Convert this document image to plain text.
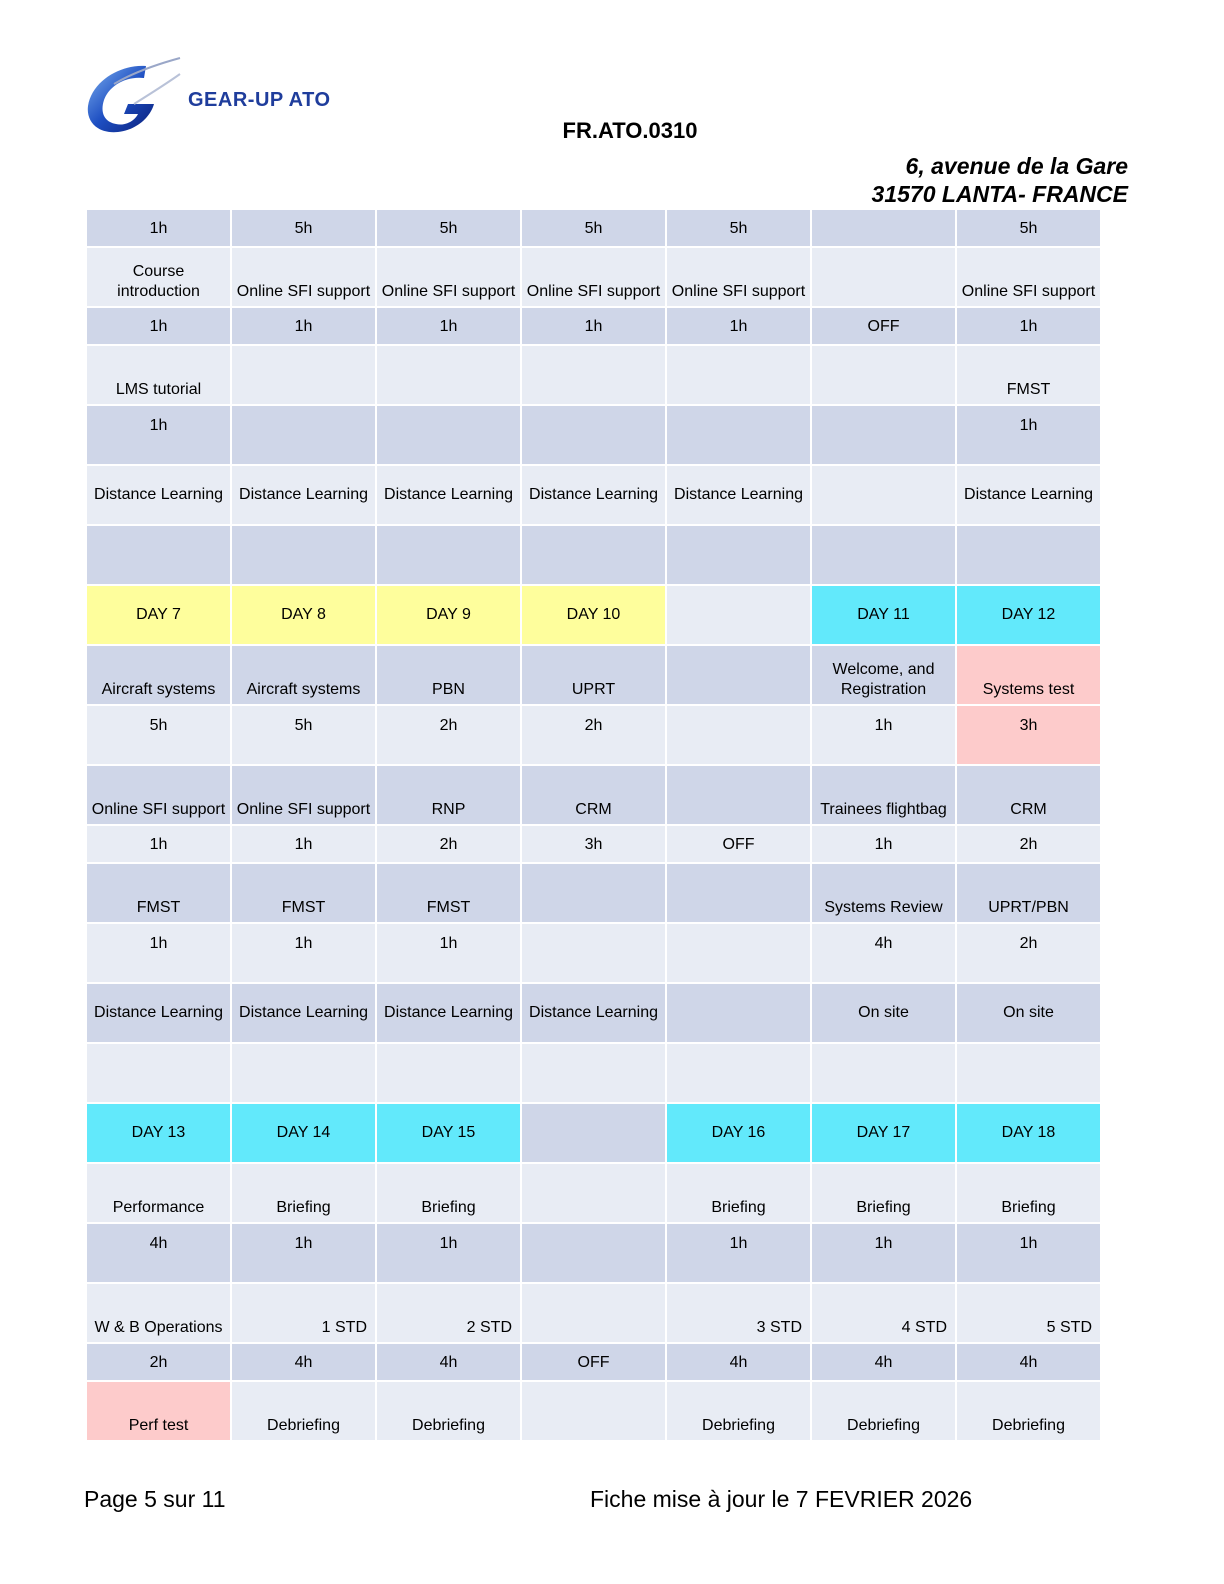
GEAR-UP ATO
FR.ATO.0310
6, avenue de la Gare
31570 LANTA- FRANCE
1h	5h	5h	5h	5h		5h

Course introduction	Online SFI support	Online SFI support	Online SFI support	Online SFI support		Online SFI support

1h	1h	1h	1h	1h	OFF	1h

LMS tutorial						FMST

1h						1h

Distance Learning	Distance Learning	Distance Learning	Distance Learning	Distance Learning		Distance Learning

DAY 7	DAY 8	DAY 9	DAY 10		DAY 11	DAY 12

Aircraft systems	Aircraft systems	PBN	UPRT		Welcome, and Registration	Systems test

5h	5h	2h	2h		1h	3h

Online SFI support	Online SFI support	RNP	CRM		Trainees flightbag	CRM

1h	1h	2h	3h	OFF	1h	2h

FMST	FMST	FMST			Systems Review	UPRT/PBN

1h	1h	1h			4h	2h

Distance Learning	Distance Learning	Distance Learning	Distance Learning		On site	On site

DAY 13	DAY 14	DAY 15		DAY 16	DAY 17	DAY 18

Performance	Briefing	Briefing		Briefing	Briefing	Briefing

4h	1h	1h		1h	1h	1h

W & B Operations	1 STD	2 STD		3 STD	4 STD	5 STD

2h	4h	4h	OFF	4h	4h	4h

Perf test	Debriefing	Debriefing		Debriefing	Debriefing	Debriefing
Page 5 sur 11	Fiche mise à jour le 7 FEVRIER 2026
